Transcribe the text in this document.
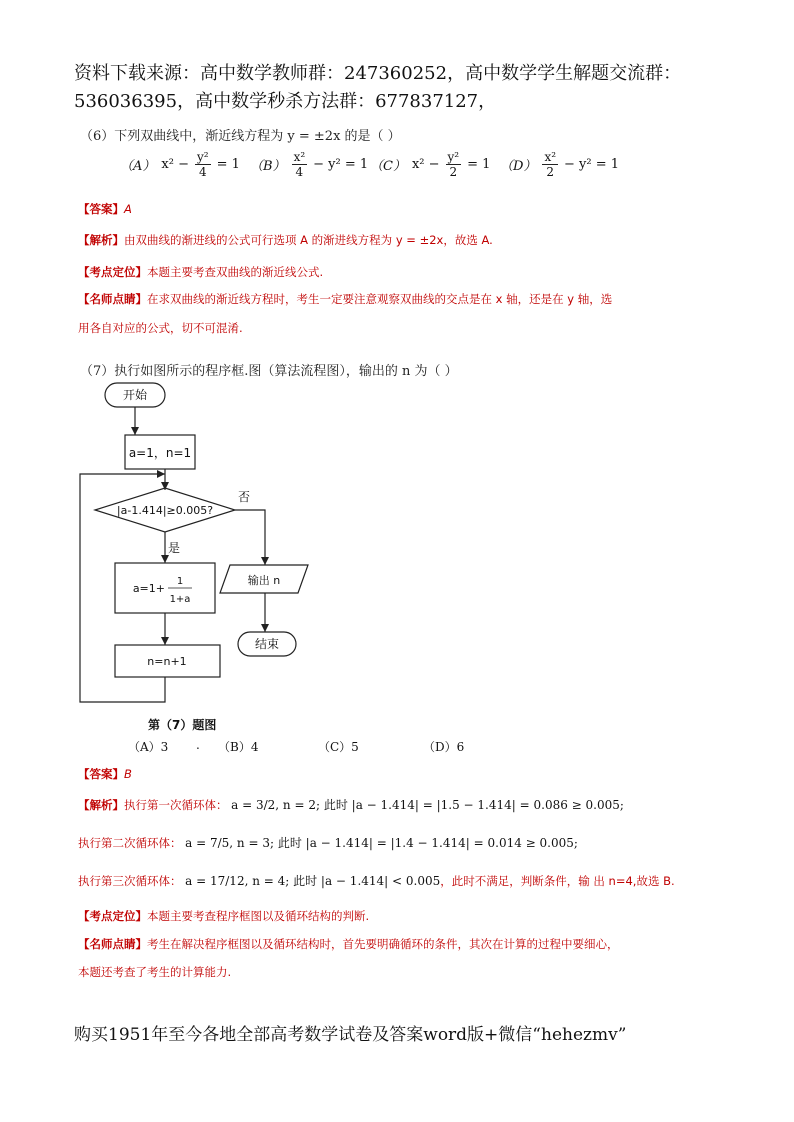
资料下载来源：高中数学教师群：247360252，高中数学学生解题交流群：
536036395，高中数学秒杀方法群：677837127，
（6）下列双曲线中，渐近线方程为 y = ±2x 的是（ ）
（A） $x^2 - \frac{\text{y²}}{4} = 1$ $(B) \frac{\text{x²}}{4} - y^2 = 1$ （C） $x^2 - \frac{\text{y²}}{2} = 1$ $(D) \frac{\text{x²}}{2} - y^2 = 1$
【答案】A
【解析】由双曲线的渐进线的公式可行选项 A 的渐进线方程为 y = ±2x，故选 A.
【考点定位】本题主要考查双曲线的渐近线公式.
【名师点睛】在求双曲线的渐近线方程时，考生一定要注意观察双曲线的交点是在 x 轴，还是在 y 轴，选
用各自对应的公式，切不可混淆.
（7）执行如图所示的程序框.图（算法流程图），输出的 n 为（ ）
开始
a=1，n=1
|a-1.414|≥0.005?
否
是
a=1+
1
1+a
输出 n
结束
n=n+1
第（7）题图
（A）3 . （B）4	（C）5	（D）6
【答案】B
【解析】执行第一次循环体： a = 3/2, n = 2; 此时 |a − 1.414| = |1.5 − 1.414| = 0.086 ≥ 0.005;
执行第二次循环体： a = 7/5, n = 3; 此时 |a − 1.414| = |1.4 − 1.414| = 0.014 ≥ 0.005;
执行第三次循环体： a = 17/12, n = 4; 此时 |a − 1.414| < 0.005，此时不满足，判断条件，输 出 n=4,故选 B.
【考点定位】本题主要考查程序框图以及循环结构的判断.
【名师点睛】考生在解决程序框图以及循环结构时，首先要明确循环的条件，其次在计算的过程中要细心，
本题还考查了考生的计算能力.
购买1951年至今各地全部高考数学试卷及答案word版+微信“hehezmv”
